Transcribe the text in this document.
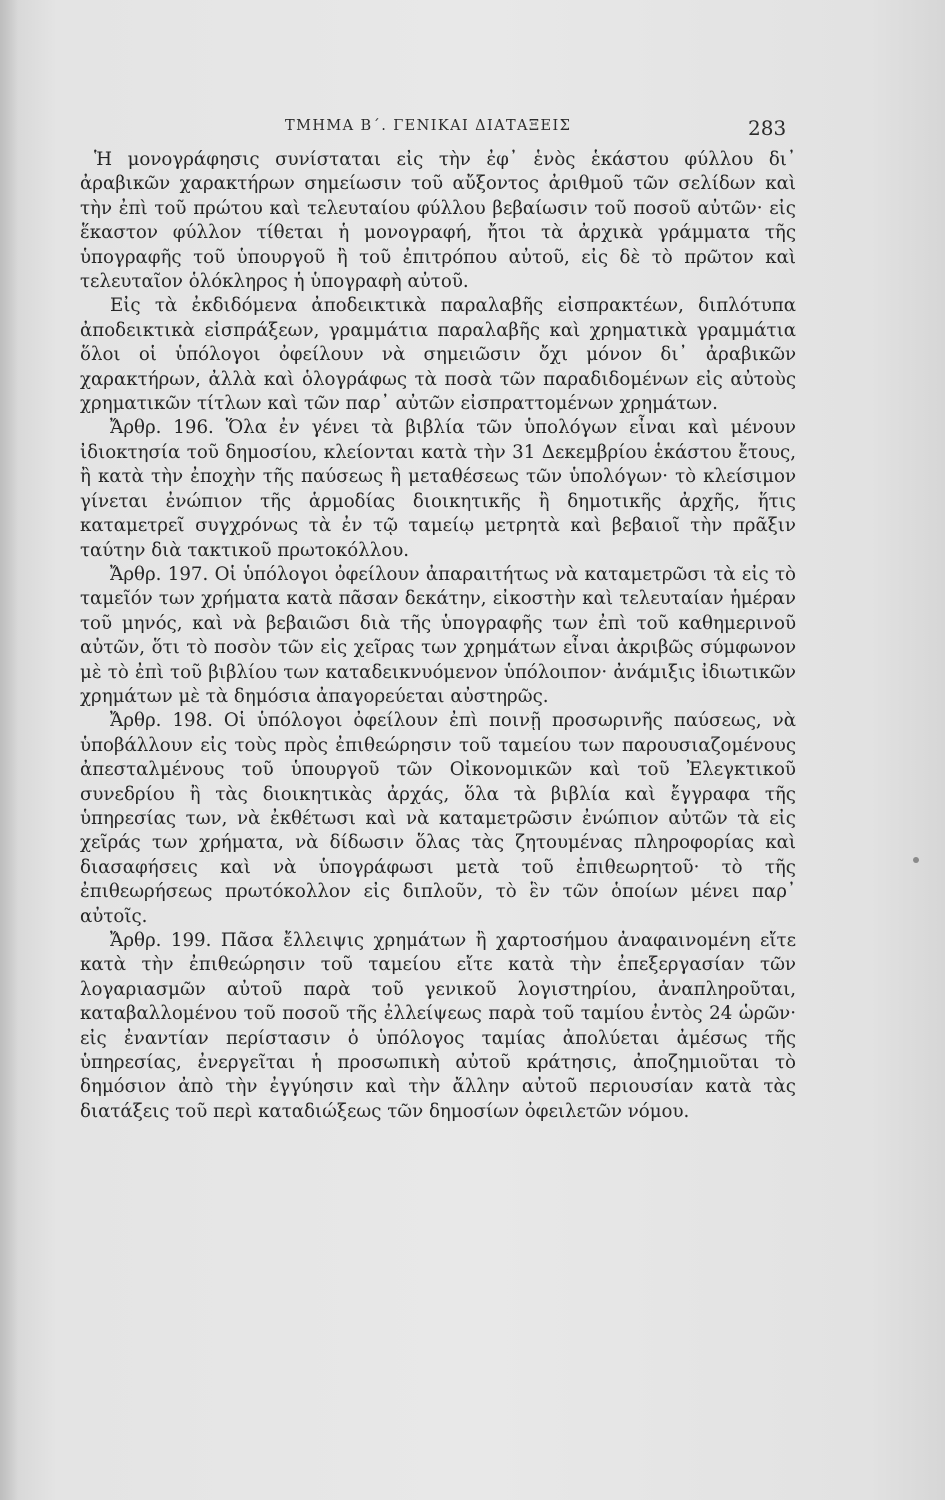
ΤΜΗΜΑ Β΄. ΓΕΝΙΚΑΙ ΔΙΑΤΑΞΕΙΣ	283

Ἡ μονογράφησις συνίσταται εἰς τὴν ἐφ᾽ ἑνὸς ἑκάστου φύλλου δι᾽ ἀραβικῶν χαρακτήρων σημείωσιν τοῦ αὔξοντος ἀριθμοῦ τῶν σελίδων καὶ τὴν ἐπὶ τοῦ πρώτου καὶ τελευταίου φύλλου βεβαίωσιν τοῦ ποσοῦ αὐτῶν· εἰς ἕκαστον φύλλον τίθεται ἡ μονογραφή, ἤτοι τὰ ἀρχικὰ γράμματα τῆς ὑπογραφῆς τοῦ ὑπουργοῦ ἢ τοῦ ἐπιτρόπου αὐτοῦ, εἰς δὲ τὸ πρῶτον καὶ τελευταῖον ὁλόκληρος ἡ ὑπογραφὴ αὐτοῦ.

Εἰς τὰ ἐκδιδόμενα ἀποδεικτικὰ παραλαβῆς εἰσπρακτέων, διπλότυπα ἀποδεικτικὰ εἰσπράξεων, γραμμάτια παραλαβῆς καὶ χρηματικὰ γραμμάτια ὅλοι οἱ ὑπόλογοι ὀφείλουν νὰ σημειῶσιν ὄχι μόνον δι᾽ ἀραβικῶν χαρακτήρων, ἀλλὰ καὶ ὁλογράφως τὰ ποσὰ τῶν παραδιδομένων εἰς αὐτοὺς χρηματικῶν τίτλων καὶ τῶν παρ᾽ αὐτῶν εἰσπραττομένων χρημάτων.

Ἄρθρ. 196. Ὅλα ἐν γένει τὰ βιβλία τῶν ὑπολόγων εἶναι καὶ μένουν ἰδιοκτησία τοῦ δημοσίου, κλείονται κατὰ τὴν 31 Δεκεμβρίου ἑκάστου ἔτους, ἢ κατὰ τὴν ἐποχὴν τῆς παύσεως ἢ μεταθέσεως τῶν ὑπολόγων· τὸ κλείσιμον γίνεται ἐνώπιον τῆς ἁρμοδίας διοικητικῆς ἢ δημοτικῆς ἀρχῆς, ἥτις καταμετρεῖ συγχρόνως τὰ ἐν τῷ ταμείῳ μετρητὰ καὶ βεβαιοῖ τὴν πρᾶξιν ταύτην διὰ τακτικοῦ πρωτοκόλλου.

Ἄρθρ. 197. Οἱ ὑπόλογοι ὀφείλουν ἀπαραιτήτως νὰ καταμετρῶσι τὰ εἰς τὸ ταμεῖόν των χρήματα κατὰ πᾶσαν δεκάτην, εἰκοστὴν καὶ τελευταίαν ἡμέραν τοῦ μηνός, καὶ νὰ βεβαιῶσι διὰ τῆς ὑπογραφῆς των ἐπὶ τοῦ καθημερινοῦ αὐτῶν, ὅτι τὸ ποσὸν τῶν εἰς χεῖρας των χρημάτων εἶναι ἀκριβῶς σύμφωνον μὲ τὸ ἐπὶ τοῦ βιβλίου των καταδεικνυόμενον ὑπόλοιπον· ἀνάμιξις ἰδιωτικῶν χρημάτων μὲ τὰ δημόσια ἀπαγορεύεται αὐστηρῶς.

Ἄρθρ. 198. Οἱ ὑπόλογοι ὀφείλουν ἐπὶ ποινῇ προσωρινῆς παύσεως, νὰ ὑποβάλλουν εἰς τοὺς πρὸς ἐπιθεώρησιν τοῦ ταμείου των παρουσιαζομένους ἀπεσταλμένους τοῦ ὑπουργοῦ τῶν Οἰκονομικῶν καὶ τοῦ Ἐλεγκτικοῦ συνεδρίου ἢ τὰς διοικητικὰς ἀρχάς, ὅλα τὰ βιβλία καὶ ἔγγραφα τῆς ὑπηρεσίας των, νὰ ἐκθέτωσι καὶ νὰ καταμετρῶσιν ἐνώπιον αὐτῶν τὰ εἰς χεῖράς των χρήματα, νὰ δίδωσιν ὅλας τὰς ζητουμένας πληροφορίας καὶ διασαφήσεις καὶ νὰ ὑπογράφωσι μετὰ τοῦ ἐπιθεωρητοῦ· τὸ τῆς ἐπιθεωρήσεως πρωτόκολλον εἰς διπλοῦν, τὸ ἓν τῶν ὁποίων μένει παρ᾽ αὐτοῖς.

Ἄρθρ. 199. Πᾶσα ἔλλειψις χρημάτων ἢ χαρτοσήμου ἀναφαινομένη εἴτε κατὰ τὴν ἐπιθεώρησιν τοῦ ταμείου εἴτε κατὰ τὴν ἐπεξεργασίαν τῶν λογαριασμῶν αὐτοῦ παρὰ τοῦ γενικοῦ λογιστηρίου, ἀναπληροῦται, καταβαλλομένου τοῦ ποσοῦ τῆς ἐλλείψεως παρὰ τοῦ ταμίου ἐντὸς 24 ὡρῶν· εἰς ἐναντίαν περίστασιν ὁ ὑπόλογος ταμίας ἀπολύεται ἀμέσως τῆς ὑπηρεσίας, ἐνεργεῖται ἡ προσωπικὴ αὐτοῦ κράτησις, ἀποζημιοῦται τὸ δημόσιον ἀπὸ τὴν ἐγγύησιν καὶ τὴν ἄλλην αὐτοῦ περιουσίαν κατὰ τὰς διατάξεις τοῦ περὶ καταδιώξεως τῶν δημοσίων ὀφειλετῶν νόμου.
